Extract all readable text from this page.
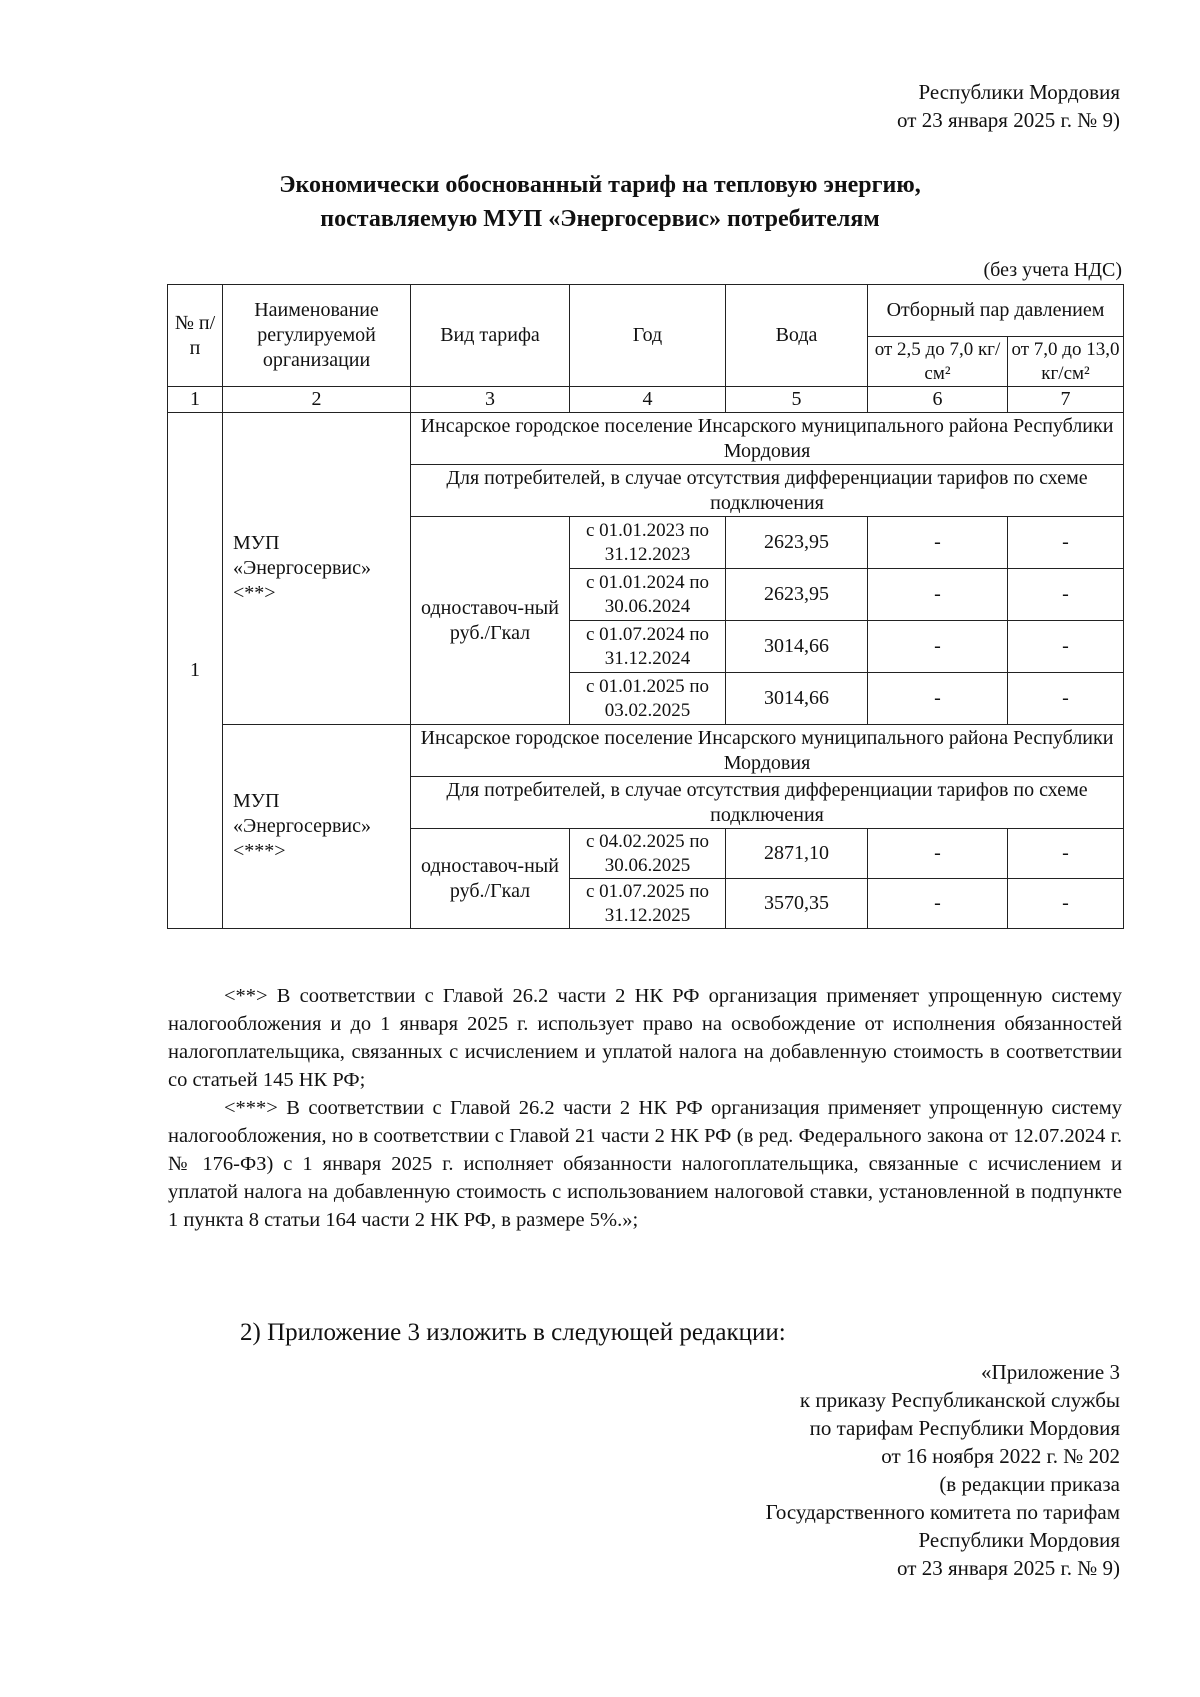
Республики Мордовия
от 23 января 2025 г. № 9)
Экономически обоснованный тариф на тепловую энергию,
поставляемую МУП «Энергосервис» потребителям
(без учета НДС)
№ п/п	Наименование регулируемой организации	Вид тарифа	Год	Вода	Отборный пар давлением	
					от 2,5 до 7,0 кг/см²	от 7,0 до 13,0 кг/см²
1	2	3	4	5	6	7
1	МУП «Энергосервис» <**>	Инсарское городское поселение Инсарского муниципального района Республики Мордовия				
		Для потребителей, в случае отсутствия дифференциации тарифов по схеме подключения				
		одноставоч-ный руб./Гкал	с 01.01.2023 по 31.12.2023	2623,95	-	-
			с 01.01.2024 по 30.06.2024	2623,95	-	-
			с 01.07.2024 по 31.12.2024	3014,66	-	-
			с 01.01.2025 по 03.02.2025	3014,66	-	-
	МУП «Энергосервис» <***>	Инсарское городское поселение Инсарского муниципального района Республики Мордовия				
		Для потребителей, в случае отсутствия дифференциации тарифов по схеме подключения				
		одноставоч-ный руб./Гкал	с 04.02.2025 по 30.06.2025	2871,10	-	-
			с 01.07.2025 по 31.12.2025	3570,35	-	-

<**> В соответствии с Главой 26.2 части 2 НК РФ организация применяет упрощенную систему налогообложения и до 1 января 2025 г. использует право на освобождение от исполнения обязанностей налогоплательщика, связанных с исчислением и уплатой налога на добавленную стоимость в соответствии со статьей 145 НК РФ;

<***> В соответствии с Главой 26.2 части 2 НК РФ организация применяет упрощенную систему налогообложения, но в соответствии с Главой 21 части 2 НК РФ (в ред. Федерального закона от 12.07.2024 г. № 176-ФЗ) с 1 января 2025 г. исполняет обязанности налогоплательщика, связанные с исчислением и уплатой налога на добавленную стоимость с использованием налоговой ставки, установленной в подпункте 1 пункта 8 статьи 164 части 2 НК РФ, в размере 5%.»;

2) Приложение 3 изложить в следующей редакции:
«Приложение 3
к приказу Республиканской службы
по тарифам Республики Мордовия
от 16 ноября 2022 г. № 202
(в редакции приказа
Государственного комитета по тарифам
Республики Мордовия
от 23 января 2025 г. № 9)
